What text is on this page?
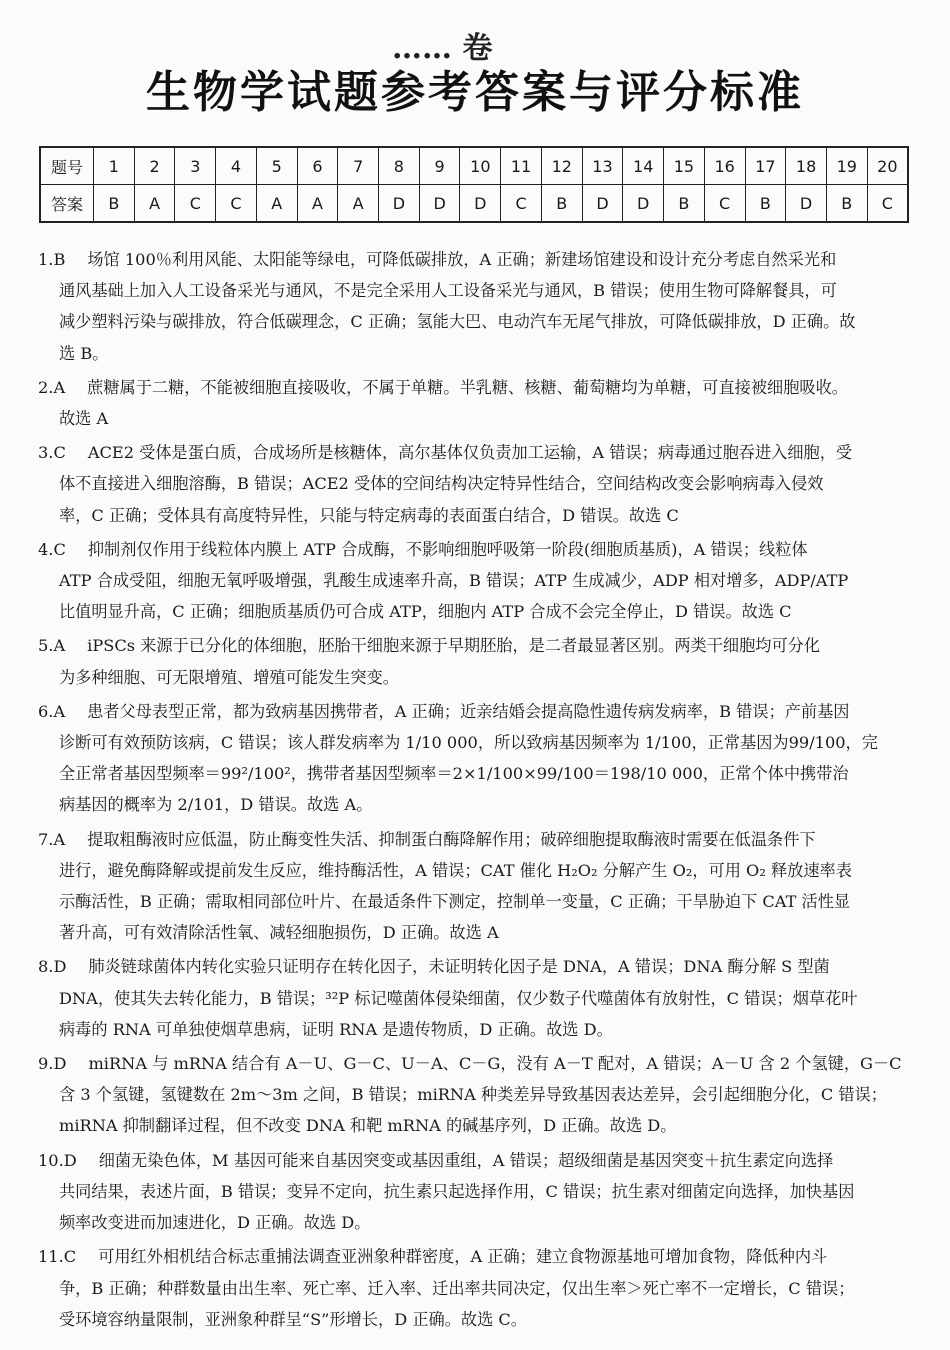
…… 卷
生物学试题参考答案与评分标准
题号	1	2	3	4	5	6	7	8	9	10	11	12	13	14	15	16	17	18	19	20
答案	B	A	C	C	A	A	A	D	D	D	C	B	D	D	B	C	B	D	B	C
1.B 场馆 100％利用风能、太阳能等绿电，可降低碳排放，A 正确；新建场馆建设和设计充分考虑自然采光和
通风基础上加入人工设备采光与通风，不是完全采用人工设备采光与通风，B 错误；使用生物可降解餐具，可
减少塑料污染与碳排放，符合低碳理念，C 正确；氢能大巴、电动汽车无尾气排放，可降低碳排放，D 正确。故
选 B。
2.A 蔗糖属于二糖，不能被细胞直接吸收，不属于单糖。半乳糖、核糖、葡萄糖均为单糖，可直接被细胞吸收。
故选 A
3.C ACE2 受体是蛋白质，合成场所是核糖体，高尔基体仅负责加工运输，A 错误；病毒通过胞吞进入细胞，受
体不直接进入细胞溶酶，B 错误；ACE2 受体的空间结构决定特异性结合，空间结构改变会影响病毒入侵效
率，C 正确；受体具有高度特异性，只能与特定病毒的表面蛋白结合，D 错误。故选 C
4.C 抑制剂仅作用于线粒体内膜上 ATP 合成酶，不影响细胞呼吸第一阶段(细胞质基质)，A 错误；线粒体
ATP 合成受阻，细胞无氧呼吸增强，乳酸生成速率升高，B 错误；ATP 生成减少，ADP 相对增多，ADP/ATP
比值明显升高，C 正确；细胞质基质仍可合成 ATP，细胞内 ATP 合成不会完全停止，D 错误。故选 C
5.A iPSCs 来源于已分化的体细胞，胚胎干细胞来源于早期胚胎，是二者最显著区别。两类干细胞均可分化
为多种细胞、可无限增殖、增殖可能发生突变。
6.A 患者父母表型正常，都为致病基因携带者，A 正确；近亲结婚会提高隐性遗传病发病率，B 错误；产前基因
诊断可有效预防该病，C 错误；该人群发病率为 1/10 000，所以致病基因频率为 1/100，正常基因为99/100，完
全正常者基因型频率＝99²/100²，携带者基因型频率＝2×1/100×99/100＝198/10 000，正常个体中携带治
病基因的概率为 2/101，D 错误。故选 A。
7.A 提取粗酶液时应低温，防止酶变性失活、抑制蛋白酶降解作用；破碎细胞提取酶液时需要在低温条件下
进行，避免酶降解或提前发生反应，维持酶活性，A 错误；CAT 催化 H₂O₂ 分解产生 O₂，可用 O₂ 释放速率表
示酶活性，B 正确；需取相同部位叶片、在最适条件下测定，控制单一变量，C 正确；干旱胁迫下 CAT 活性显
著升高，可有效清除活性氧、减轻细胞损伤，D 正确。故选 A
8.D 肺炎链球菌体内转化实验只证明存在转化因子，未证明转化因子是 DNA，A 错误；DNA 酶分解 S 型菌
DNA，使其失去转化能力，B 错误；³²P 标记噬菌体侵染细菌，仅少数子代噬菌体有放射性，C 错误；烟草花叶
病毒的 RNA 可单独使烟草患病，证明 RNA 是遗传物质，D 正确。故选 D。
9.D miRNA 与 mRNA 结合有 A－U、G－C、U－A、C－G，没有 A－T 配对，A 错误；A－U 含 2 个氢键，G－C
含 3 个氢键，氢键数在 2m～3m 之间，B 错误；miRNA 种类差异导致基因表达差异，会引起细胞分化，C 错误；
miRNA 抑制翻译过程，但不改变 DNA 和靶 mRNA 的碱基序列，D 正确。故选 D。
10.D 细菌无染色体，M 基因可能来自基因突变或基因重组，A 错误；超级细菌是基因突变＋抗生素定向选择
共同结果，表述片面，B 错误；变异不定向，抗生素只起选择作用，C 错误；抗生素对细菌定向选择，加快基因
频率改变进而加速进化，D 正确。故选 D。
11.C 可用红外相机结合标志重捕法调查亚洲象种群密度，A 正确；建立食物源基地可增加食物，降低种内斗
争，B 正确；种群数量由出生率、死亡率、迁入率、迁出率共同决定，仅出生率＞死亡率不一定增长，C 错误；
受环境容纳量限制，亚洲象种群呈“S”形增长，D 正确。故选 C。
